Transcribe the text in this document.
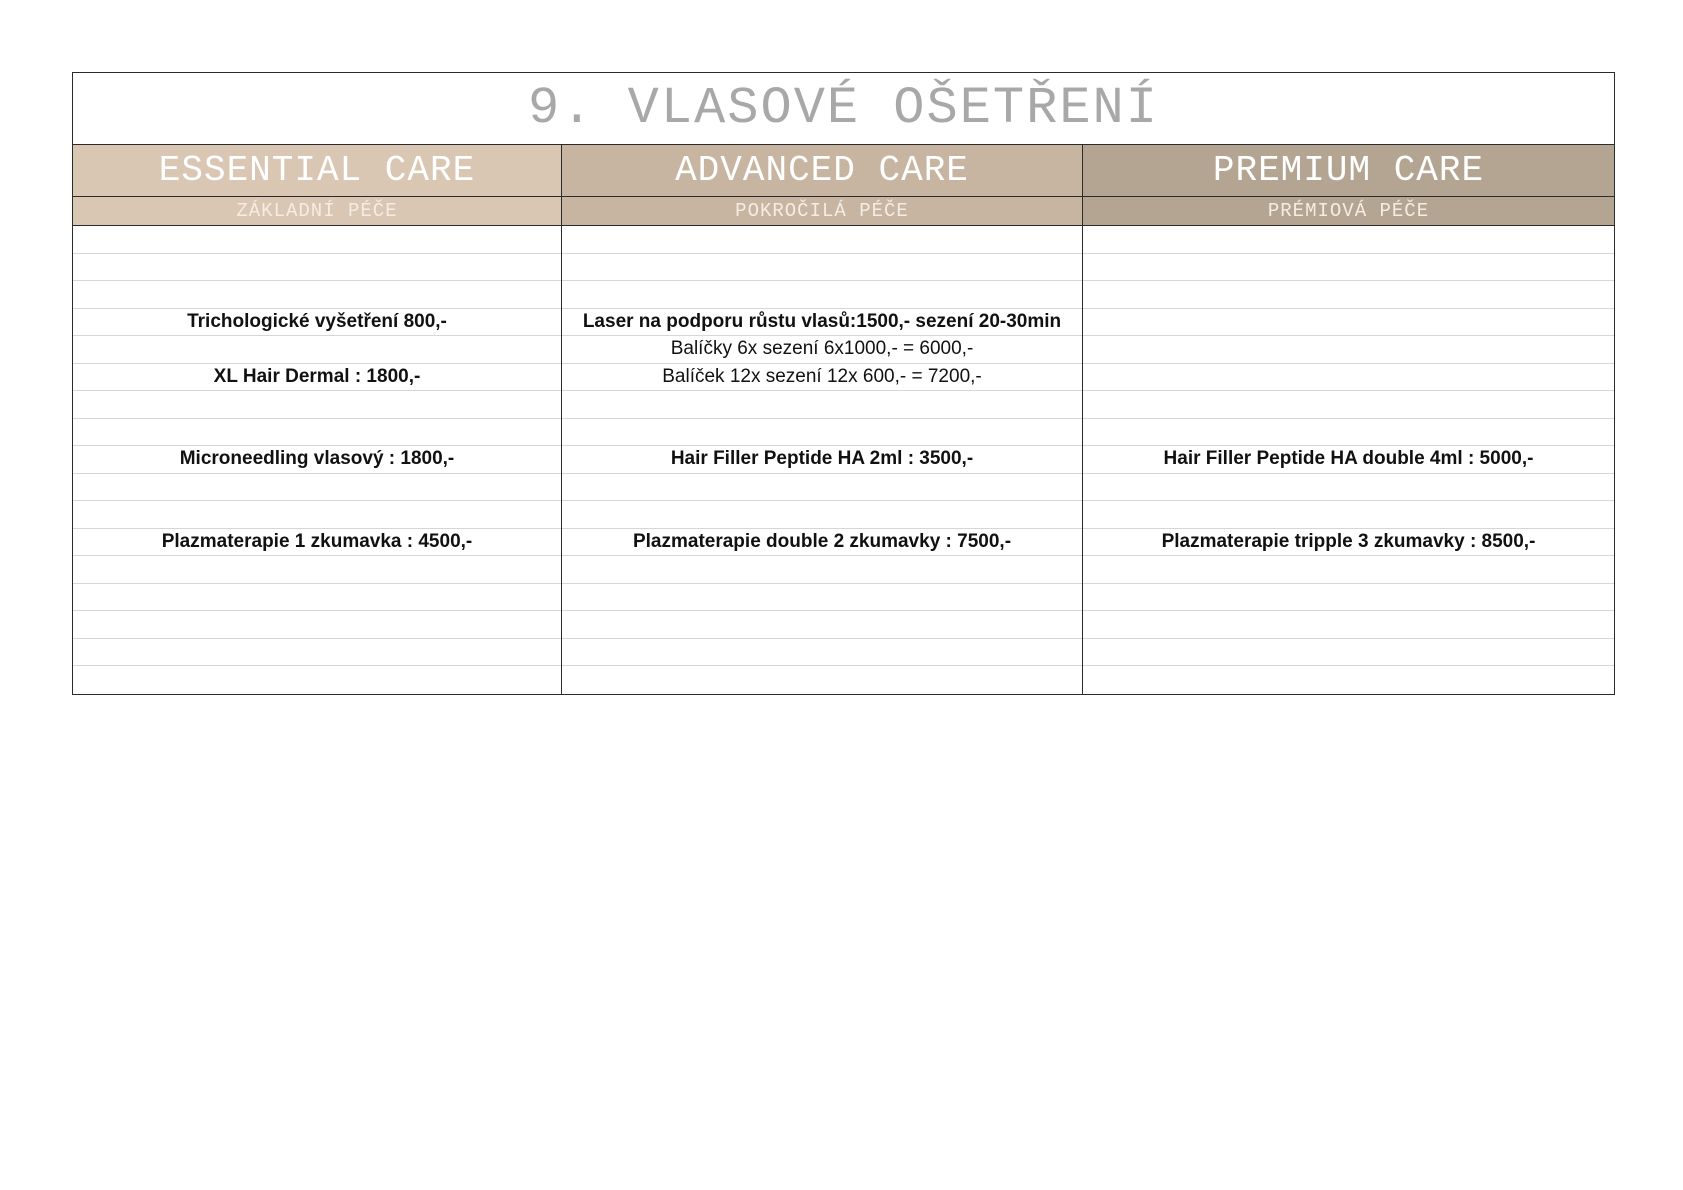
9. VLASOVÉ OŠETŘENÍ
ESSENTIAL CARE
ZÁKLADNÍ PÉČE
Trichologické vyšetření 800,-
XL Hair Dermal : 1800,-
Microneedling vlasový : 1800,-
Plazmaterapie 1 zkumavka : 4500,-
ADVANCED CARE
POKROČILÁ PÉČE
Laser na podporu růstu vlasů:1500,- sezení 20-30min
Balíčky 6x sezení 6x1000,- = 6000,-
Balíček 12x sezení 12x 600,- = 7200,-
Hair Filler Peptide HA 2ml : 3500,-
Plazmaterapie double 2 zkumavky : 7500,-
PREMIUM CARE
PRÉMIOVÁ PÉČE
Hair Filler Peptide HA double 4ml : 5000,-
Plazmaterapie tripple 3 zkumavky : 8500,-
